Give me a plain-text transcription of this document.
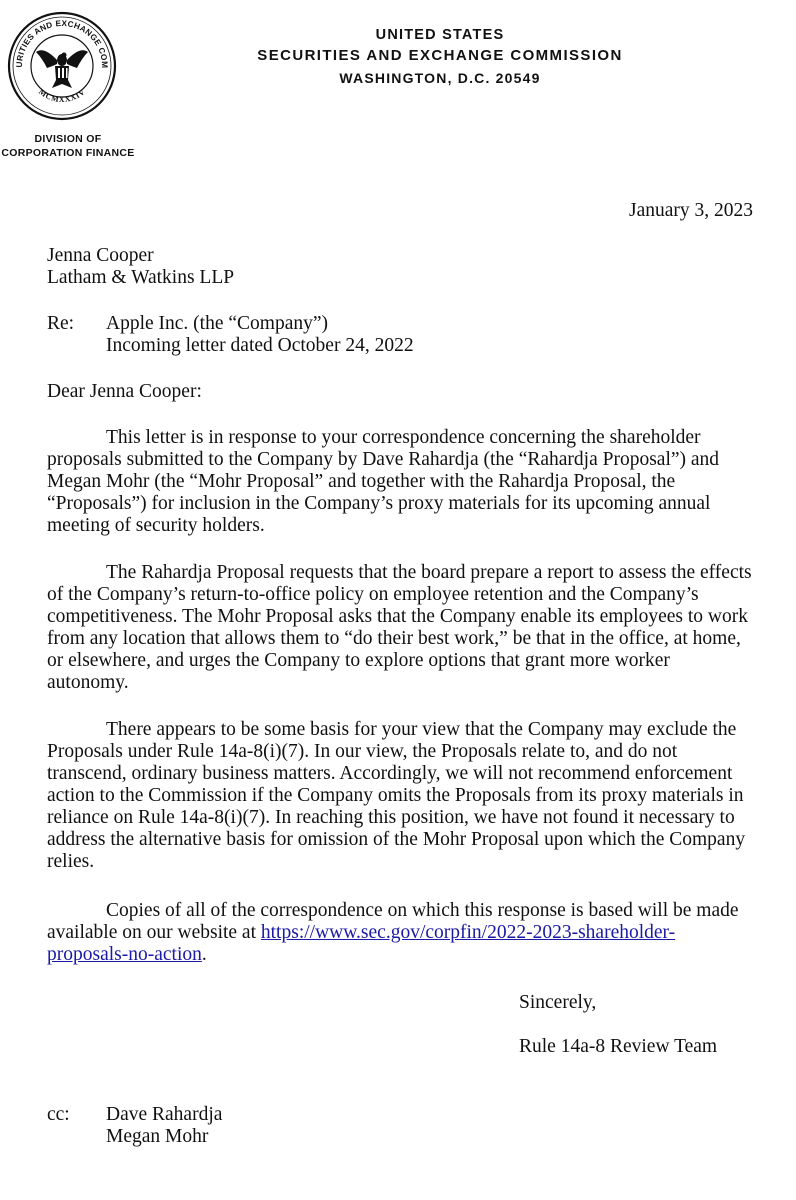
URITIES AND EXCHANGE COM
MCMXXXIV
UNITED STATES
SECURITIES AND EXCHANGE COMMISSION
WASHINGTON, D.C. 20549
DIVISION OF
CORPORATION FINANCE
January 3, 2023
Jenna Cooper
Latham & Watkins LLP
Re: Apple Inc. (the “Company”)
Incoming letter dated October 24, 2022
Dear Jenna Cooper:
This letter is in response to your correspondence concerning the shareholder
proposals submitted to the Company by Dave Rahardja (the “Rahardja Proposal”) and
Megan Mohr (the “Mohr Proposal” and together with the Rahardja Proposal, the
“Proposals”) for inclusion in the Company’s proxy materials for its upcoming annual
meeting of security holders.
The Rahardja Proposal requests that the board prepare a report to assess the effects
of the Company’s return-to-office policy on employee retention and the Company’s
competitiveness. The Mohr Proposal asks that the Company enable its employees to work
from any location that allows them to “do their best work,” be that in the office, at home,
or elsewhere, and urges the Company to explore options that grant more worker
autonomy.
There appears to be some basis for your view that the Company may exclude the
Proposals under Rule 14a-8(i)(7). In our view, the Proposals relate to, and do not
transcend, ordinary business matters. Accordingly, we will not recommend enforcement
action to the Commission if the Company omits the Proposals from its proxy materials in
reliance on Rule 14a-8(i)(7). In reaching this position, we have not found it necessary to
address the alternative basis for omission of the Mohr Proposal upon which the Company
relies.
Copies of all of the correspondence on which this response is based will be made
available on our website at https://www.sec.gov/corpfin/2022-2023-shareholder-
proposals-no-action.
Sincerely,
Rule 14a-8 Review Team
cc: Dave Rahardja
Megan Mohr
